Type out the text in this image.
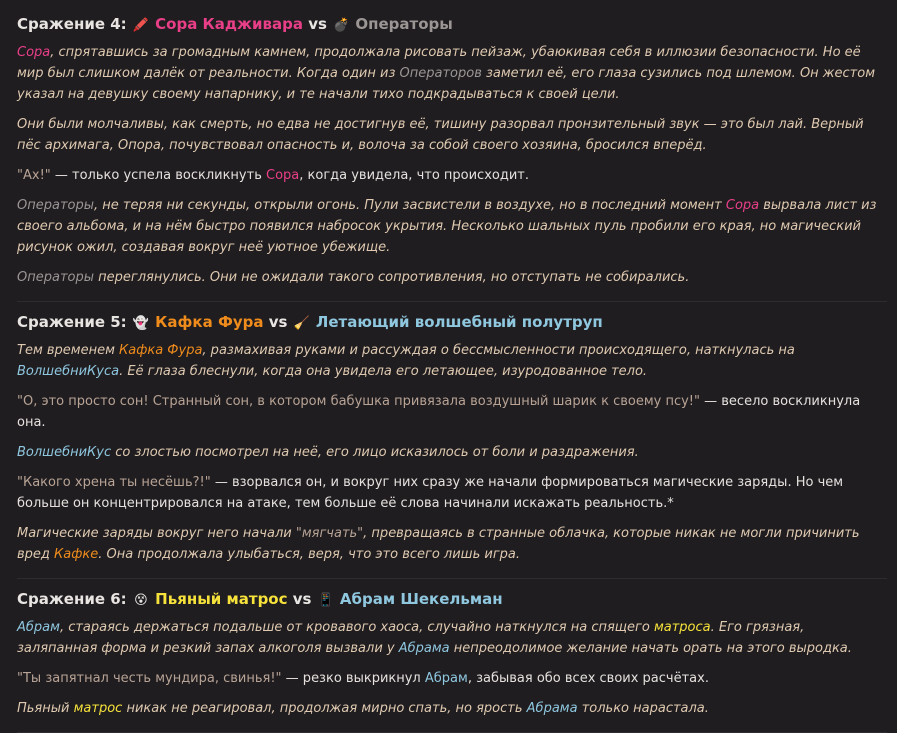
Сражение 4: 🖍️ Сора Кадживара vs 💣 Операторы

Сора, спрятавшись за громадным камнем, продолжала рисовать пейзаж, убаюкивая себя в иллюзии безопасности. Но её мир был слишком далёк от реальности. Когда один из Операторов заметил её, его глаза сузились под шлемом. Он жестом указал на девушку своему напарнику, и те начали тихо подкрадываться к своей цели.

Они были молчаливы, как смерть, но едва не достигнув её, тишину разорвал пронзительный звук — это был лай. Верный пёс архимага, Опора, почувствовал опасность и, волоча за собой своего хозяина, бросился вперёд.

"Ах!" — только успела воскликнуть Сора, когда увидела, что происходит.

Операторы, не теряя ни секунды, открыли огонь. Пули засвистели в воздухе, но в последний момент Сора вырвала лист из своего альбома, и на нём быстро появился набросок укрытия. Несколько шальных пуль пробили его края, но магический рисунок ожил, создавая вокруг неё уютное убежище.

Операторы переглянулись. Они не ожидали такого сопротивления, но отступать не собирались.

Сражение 5: 👻 Кафка Фура vs 🧹 Летающий волшебный полутруп

Тем временем Кафка Фура, размахивая руками и рассуждая о бессмысленности происходящего, наткнулась на ВолшебниКуса. Её глаза блеснули, когда она увидела его летающее, изуродованное тело.

"О, это просто сон! Странный сон, в котором бабушка привязала воздушный шарик к своему псу!" — весело воскликнула она.

ВолшебниКус со злостью посмотрел на неё, его лицо исказилось от боли и раздражения.

"Какого хрена ты несёшь?!" — взорвался он, и вокруг них сразу же начали формироваться магические заряды. Но чем больше он концентрировался на атаке, тем больше её слова начинали искажать реальность.*

Магические заряды вокруг него начали "мягчать", превращаясь в странные облачка, которые никак не могли причинить вред Кафке. Она продолжала улыбаться, веря, что это всего лишь игра.

Сражение 6: 😵 Пьяный матрос vs 📱 Абрам Шекельман

Абрам, стараясь держаться подальше от кровавого хаоса, случайно наткнулся на спящего матроса. Его грязная, заляпанная форма и резкий запах алкоголя вызвали у Абрама непреодолимое желание начать орать на этого выродка.

"Ты запятнал честь мундира, свинья!" — резко выкрикнул Абрам, забывая обо всех своих расчётах.

Пьяный матрос никак не реагировал, продолжая мирно спать, но ярость Абрама только нарастала.
